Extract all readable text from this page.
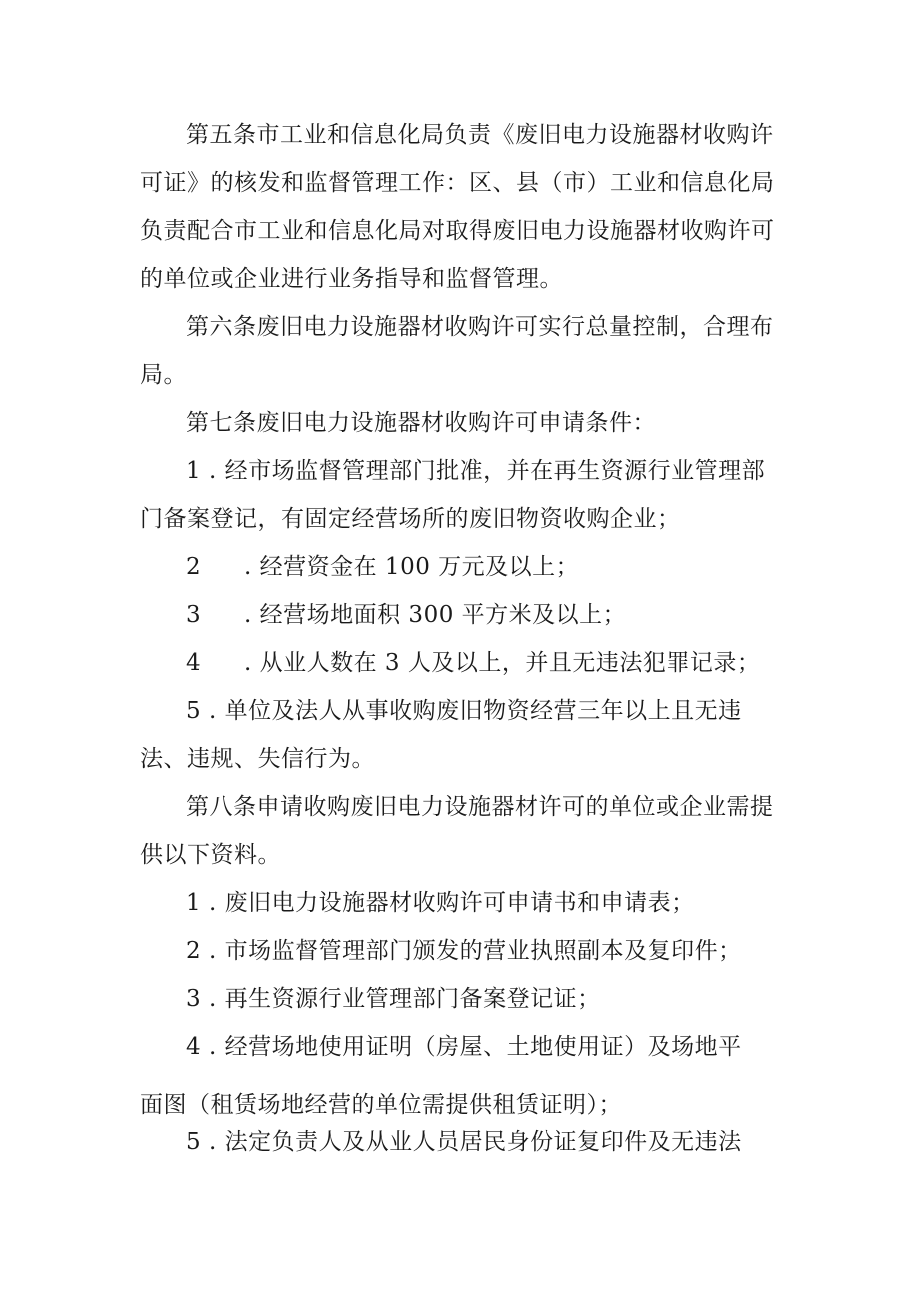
第五条市工业和信息化局负责《废旧电力设施器材收购许可证》的核发和监督管理工作：区、县（市）工业和信息化局负责配合市工业和信息化局对取得废旧电力设施器材收购许可的单位或企业进行业务指导和监督管理。

第六条废旧电力设施器材收购许可实行总量控制，合理布局。

第七条废旧电力设施器材收购许可申请条件：

1 . 经市场监督管理部门批准，并在再生资源行业管理部门备案登记，有固定经营场所的废旧物资收购企业；

2 . 经营资金在 100 万元及以上；

3 . 经营场地面积 300 平方米及以上；

4 . 从业人数在 3 人及以上，并且无违法犯罪记录；

5 . 单位及法人从事收购废旧物资经营三年以上且无违法、违规、失信行为。

第八条申请收购废旧电力设施器材许可的单位或企业需提供以下资料。

1 . 废旧电力设施器材收购许可申请书和申请表；

2 . 市场监督管理部门颁发的营业执照副本及复印件；

3 . 再生资源行业管理部门备案登记证；

4 . 经营场地使用证明（房屋、土地使用证）及场地平

面图（租赁场地经营的单位需提供租赁证明）；

5 . 法定负责人及从业人员居民身份证复印件及无违法
